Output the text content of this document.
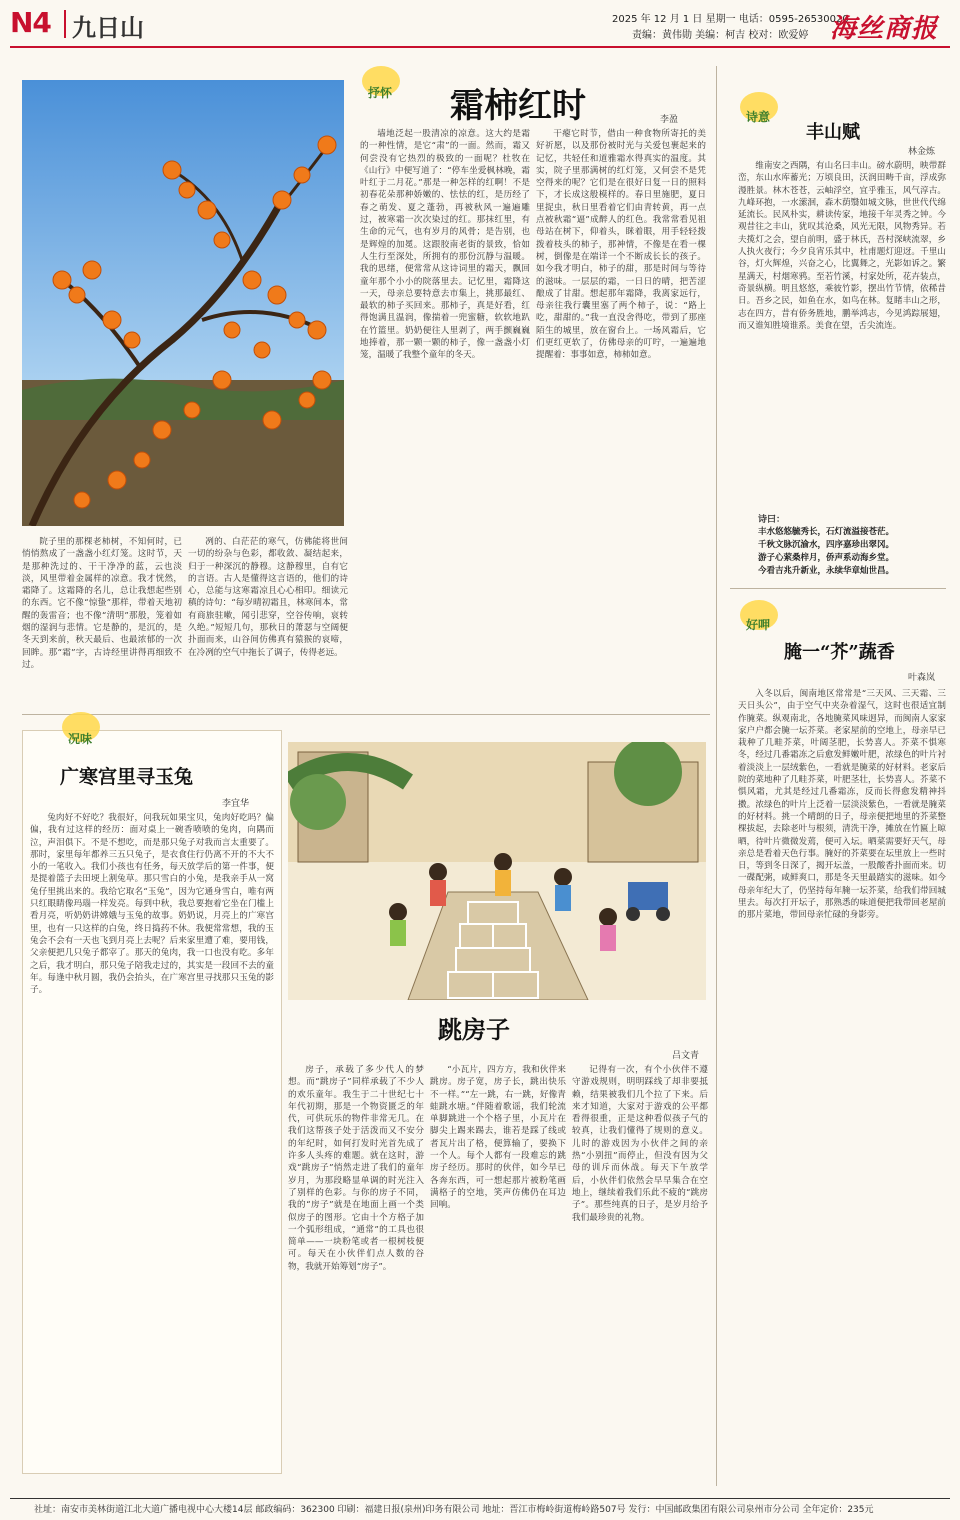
N4 九日山	2025 年 12 月 1 日 星期一 电话：0595-26530020
责编：黄伟勋 美编：柯吉 校对：欧爱婷 海丝商报
抒怀 霜柿红时	李盈

院子里的那棵老柿树，不知何时，已悄悄熬成了一盏盏小红灯笼。这时节，天是那种洗过的、干干净净的蓝，云也淡淡，风里带着金属样的凉意。我才恍然，霜降了。这霜降的名儿，总让我想起些别的东西。它不像“惊蛰”那样，带着天地初醒的轰雷音；也不像“清明”那般，笼着如烟的湿润与悲情。它是静的，是沉的，是冬天到来前，秋天最后、也最浓郁的一次回眸。那“霜”字，古诗经里讲得再细致不过。

冽的、白茫茫的寒气，仿佛能将世间一切的纷杂与色彩，都收敛、凝结起来，归于一种深沉的静穆。这静穆里，自有它的言语。古人是懂得这言语的，他们的诗心，总能与这寒霜凉且心心相印。细读元稹的诗句：“每岁晴初霜且，林寒间本，常有商旅驻嗽，闻引悲穿，空谷传响，哀转久绝。”短短几句，那秋日的萧瑟与空阔便扑面而来，山谷间仿佛真有猿猴的哀啼，在冷冽的空气中拖长了调子，传得老远。

墙地泛起一股清凉的凉意。这大约是霜的一种性情，是它“肃”的一面。然而，霜又何尝没有它热烈的极致的一面呢？杜牧在《山行》中便写道了：“停车坐爱枫林晚，霜叶红于二月花。”那是一种怎样的红啊！不是初春花朵那种娇嫩的、怯怯的红，是历经了春之萌发、夏之蓬勃，再被秋风一遍遍雕过，被寒霜一次次染过的红。那抹红里，有生命的元气，也有岁月的风骨；是告别，也是辉煌的加冕。这跟胶南老街的景致，恰如人生行至深处，所拥有的那份沉静与温暖。我的思绪，便常常从这诗词里的霜天，飘回童年那个小小的院落里去。记忆里，霜降这一天，母亲总要特意去市集上，挑那最红、最软的柿子买回来。那柿子，真是好看，红得饱满且温润，像揣着一兜蜜糖，软软地趴在竹篮里。奶奶便往人里剥了，两手颤巍巍地捧着，那一颗一颗的柿子，像一盏盏小灯笼，温暖了我整个童年的冬天。

干瘪它时节，借由一种食物所寄托的美好祈愿，以及那份被时光与关爱包裹起来的记忆，共轻任和道雅霜水得真实的温度。其实，院子里那满树的红灯笼，又何尝不是凭空得来的呢？它们是在很好日复一日的照料下，才长成这般模样的。春日里施肥，夏日里捉虫，秋日里看着它们由青转黄，再一点点被秋霜“逼”成醉人的红色。我常常看见祖母站在树下，仰着头，眯着眼，用手轻轻拨拨着枝头的柿子，那神情，不像是在看一棵树，倒像是在端详一个不断成长长的孩子。如今我才明白，柿子的甜，那是时间与等待的滋味。一层层的霜，一日日的晴，把苦涩酿成了甘甜。想起那年霜降，我离家远行，母亲往我行囊里塞了两个柿子，说：“路上吃，甜甜的。”我一直没舍得吃，带到了那座陌生的城里，放在窗台上。一场风霜后，它们更红更软了，仿佛母亲的叮咛，一遍遍地提醒着：事事如意，柿柿如意。

诗意
丰山赋
林金炼

维南安之西隅，有山名曰丰山。磅水蔚明，映带群峦，东山水库蓄光；万顷良田，沃润田畴千亩，浮成弥漫胜景。林木苍苍，云岫浮空，宜乎雅玉，风气淳古。九峰环抱，一水潆洄，森木荫翳如城文脉，世世代代绵延流长。民风朴实，耕读传家，地接千年灵秀之钟。今观昔往之丰山，犹叹其沧桑，风光无限，风物秀异。若夫揽灯之会，望自前明，盛于林氏，吾村深峡流翠，乡人执火夜行；今夕良宵乐其中，杜甫题灯迎迓。千里山谷，灯火辉煌，兴奋之心，比翼舞之，光影如诉之。繁星满天，村烟寒鸦。至若竹溪，村家处所，花卉装点，奇景纵横。明且悠悠，乘彼竹影，摆出竹节情，依稀昔日。吾乡之民，如鱼在水，如鸟在林。复睹丰山之形，志在四方，昔有侨务胜地，鹏举鸿志，今见鸿踪展翅，而又谁知胜境谁系。美食在望，舌尖流连。

诗曰：
丰水悠悠毓秀长，石灯流溢接苍茫。
千秋文脉沉渝水，四序嘉珍出翠冈。
游子心萦桑梓月，侨声系动海乡堂。
今看吉兆升新业，永续华章灿世昌。
好呷
腌一“芥”蔬香
叶森岚

入冬以后，闽南地区常常是“三天风、三天霜、三天日头公”，由于空气中夹杂着湿气，这时也很适宜制作腌菜。纵观南北，各地腌菜风味迥异，而闽南人家家家户户都会腌一坛芥菜。老家屋前的空地上，母亲早已栽种了几畦芥菜，叶阔茎肥，长势喜人。芥菜不惧寒冬，经过几番霜冻之后愈发鲜嫩叶肥，浓绿色的叶片衬着淡淡上一层绒紫色，一看就是腌菜的好材料。老家后院的菜地种了几畦芥菜，叶肥茎壮，长势喜人。芥菜不惧风霜，尤其是经过几番霜冻，反而长得愈发精神抖擞。浓绿色的叶片上泛着一层淡淡紫色，一看就是腌菜的好材料。挑一个晴朗的日子，母亲便把地里的芥菜整棵拔起，去除老叶与根须，清洗干净，摊放在竹匾上晾晒，待叶片微微发蔫，便可入坛。晒菜需要好天气，母亲总是看着天色行事。腌好的芥菜要在坛里放上一些时日，等到冬日深了，揭开坛盖，一股酸香扑面而来。切一碟配粥，咸鲜爽口，那是冬天里最踏实的滋味。如今母亲年纪大了，仍坚持每年腌一坛芥菜，给我们带回城里去。每次打开坛子，那熟悉的味道便把我带回老屋前的那片菜地，带回母亲忙碌的身影旁。

况味
广寒宫里寻玉兔
李宜华

兔肉好不好吃？我很好，问我玩如果宝贝，兔肉好吃吗？偏偏，我有过这样的经历：面对桌上一碗香喷喷的兔肉，向隅而泣，声泪俱下。不是不想吃，而是那只兔子对我而言太重要了。那时，家里每年都养三五只兔子，是衣食住行仍离不开的不大不小的一笔收入。我们小孩也有任务，每天放学后的第一件事，便是提着篮子去田埂上割兔草。那只雪白的小兔，是我亲手从一窝兔仔里挑出来的。我给它取名“玉兔”，因为它通身雪白，唯有两只红眼睛像玛瑙一样发亮。每到中秋，我总要抱着它坐在门槛上看月亮，听奶奶讲嫦娥与玉兔的故事。奶奶说，月亮上的广寒宫里，也有一只这样的白兔，终日捣药不休。我便常常想，我的玉兔会不会有一天也飞到月亮上去呢？后来家里遭了难，要用钱，父亲便把几只兔子都宰了。那天的兔肉，我一口也没有吃。多年之后，我才明白，那只兔子陪我走过的，其实是一段回不去的童年。每逢中秋月圆，我仍会抬头，在广寒宫里寻找那只玉兔的影子。

跳房子
吕文青

房子，承载了多少代人的梦想。而“跳房子”同样承载了不少人的欢乐童年。我生于二十世纪七十年代初期，那是一个物资匮乏的年代，可供玩乐的物件非常无几。在我们这帮孩子处于活泼而又不安分的年纪时，如何打发时光首先成了许多人头疼的难题。就在这时，游戏“跳房子”悄然走进了我们的童年岁月，为那段略显单调的时光注入了别样的色彩。与你的房子不同，我的“房子”就是在地面上画一个类似房子的图形。它由十个方格子加一个弧形组成，“通常”的工具也很简单——一块粉笔或者一根树枝便可。每天在小伙伴们点人数的谷物，我就开始筹划“房子”。

“小瓦片，四方方，我和伙伴来跳房。房子宽，房子长，跳出快乐不一样。”“左一跳，右一跳，好像青蛙跳水塘。”伴随着歌谣，我们轮流单脚跳进一个个格子里，小瓦片在脚尖上踢来踢去，谁若是踩了线或者瓦片出了格，便算输了，要换下一个人。每个人都有一段难忘的跳房子经历。那时的伙伴，如今早已各奔东西，可一想起那片被粉笔画满格子的空地，笑声仿佛仍在耳边回响。

记得有一次，有个小伙伴不遵守游戏规则，明明踩线了却非要抵赖，结果被我们几个拉了下来。后来才知道，大家对于游戏的公平都看得很重，正是这种看似孩子气的较真，让我们懂得了规则的意义。儿时的游戏因为小伙伴之间的亲热“小别扭”而停止，但没有因为父母的训斥而休战。每天下午放学后，小伙伴们依然会早早集合在空地上，继续着我们乐此不疲的“跳房子”。那些纯真的日子，是岁月给予我们最珍贵的礼物。

社址：南安市美林街道江北大道广播电视中心大楼14层 邮政编码：362300 印刷：福建日报(泉州)印务有限公司 地址：晋江市梅岭街道梅岭路507号 发行：中国邮政集团有限公司泉州市分公司 全年定价：235元
